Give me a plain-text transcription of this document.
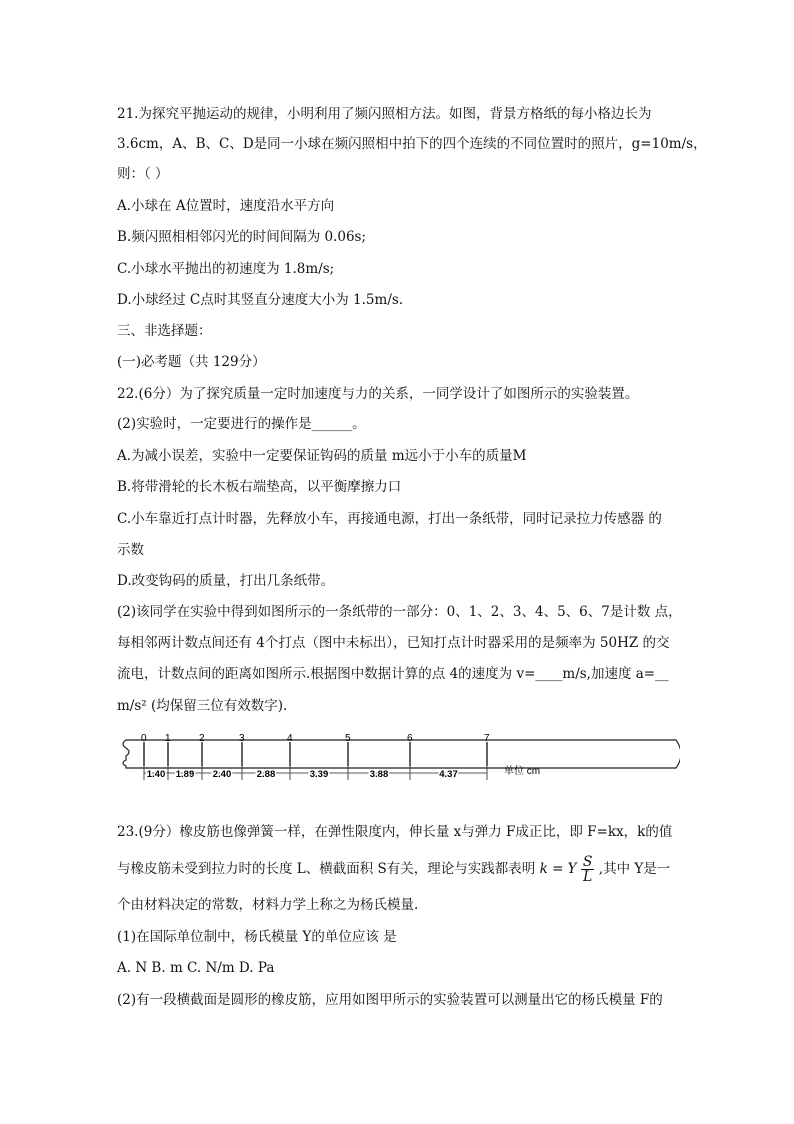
21.为探究平抛运动的规律，小明利用了频闪照相方法。如图，背景方格纸的每小格边长为
3.6cm，A、B、C、D是同一小球在频闪照相中拍下的四个连续的不同位置时的照片，g=10m/s，
则：（ ）
A.小球在 A位置时，速度沿水平方向
B.频闪照相相邻闪光的时间间隔为 0.06s;
C.小球水平抛出的初速度为 1.8m/s;
D.小球经过 C点时其竖直分速度大小为 1.5m/s.
三、非选择题：
(一)必考题（共 129分）
22.(6分）为了探究质量一定时加速度与力的关系，一同学设计了如图所示的实验装置。
(2)实验时，一定要进行的操作是______。
A.为减小误差，实验中一定要保证钩码的质量 m远小于小车的质量M
B.将带滑轮的长木板右端垫高，以平衡摩擦力口
C.小车靠近打点计时器，先释放小车，再接通电源，打出一条纸带，同时记录拉力传感器 的
示数
D.改变钩码的质量，打出几条纸带。
(2)该同学在实验中得到如图所示的一条纸带的一部分：0、1、2、3、4、5、6、7是计数 点，
每相邻两计数点间还有 4个打点（图中未标出），已知打点计时器采用的是频率为 50HZ 的交
流电，计数点间的距离如图所示.根据图中数据计算的点 4的速度为 v=____m/s,加速度 a=__
m/s² (均保留三位有效数字).
0 1	2	3	4	5	6	7
1.40 1.89 2.40	2.88	3.39	3.88	4.37	单位 cm
23.(9分）橡皮筋也像弹簧一样，在弹性限度内，伸长量 x与弹力 F成正比，即 F=kx，k的值
与橡皮筋未受到拉力时的长度 L、横截面积 S有关，理论与实践都表明 k = Y $\frac{S}{L}$ ,其中 Y是一
个由材料决定的常数，材料力学上称之为杨氏模量.
(1)在国际单位制中，杨氏模量 Y的单位应该 是
A. N B. m C. N/m D. Pa
(2)有一段横截面是圆形的橡皮筋，应用如图甲所示的实验装置可以测量出它的杨氏模量 F的
